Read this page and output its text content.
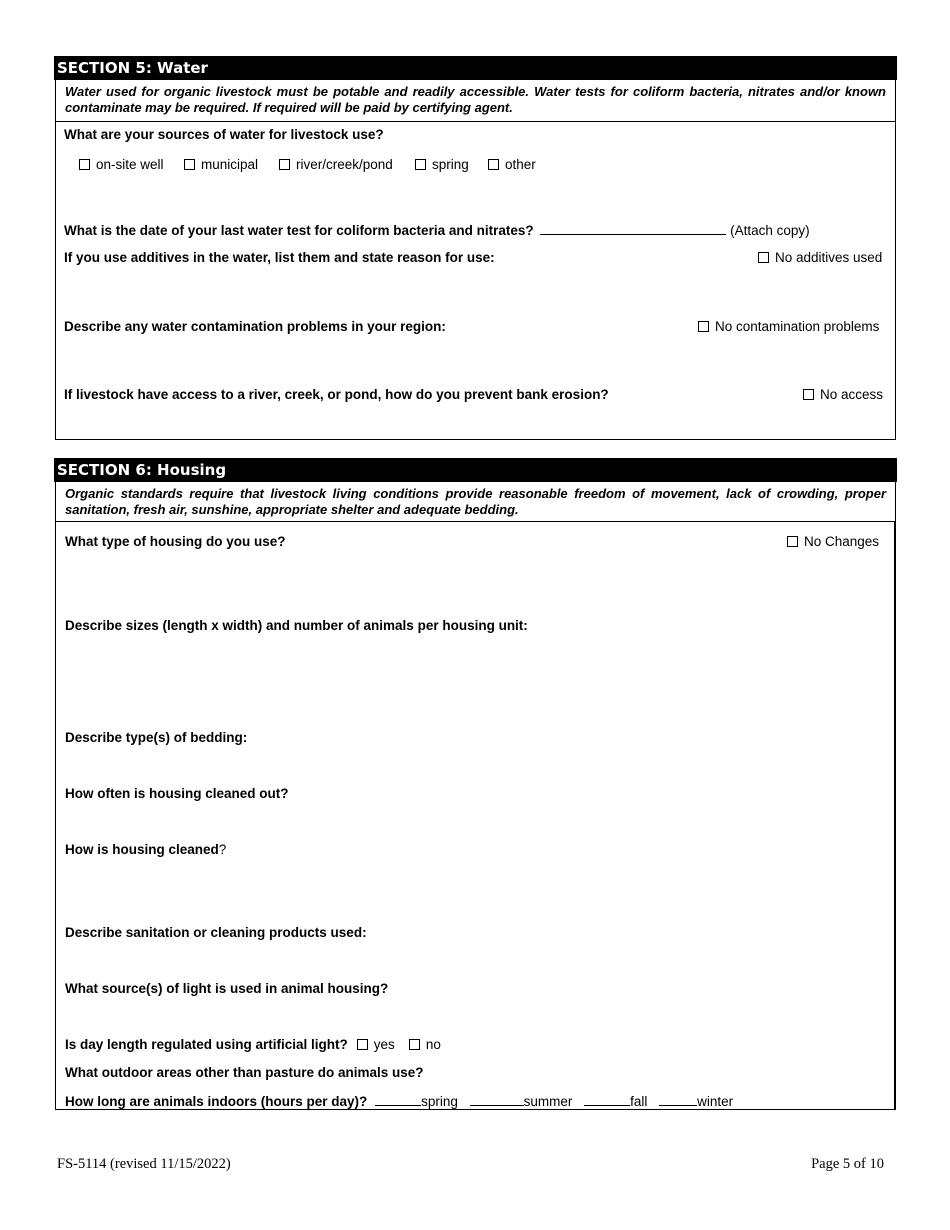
SECTION 5: Water
Water used for organic livestock must be potable and readily accessible. Water tests for coliform bacteria, nitrates and/or known contaminate may be required. If required will be paid by certifying agent.
What are your sources of water for livestock use?
on-site well	municipal	river/creek/pond	spring	other
What is the date of your last water test for coliform bacteria and nitrates?	(Attach copy)
If you use additives in the water, list them and state reason for use:	No additives used
Describe any water contamination problems in your region:	No contamination problems
If livestock have access to a river, creek, or pond, how do you prevent bank erosion?	No access
SECTION 6: Housing
Organic standards require that livestock living conditions provide reasonable freedom of movement, lack of crowding, proper sanitation, fresh air, sunshine, appropriate shelter and adequate bedding.
What type of housing do you use?	No Changes
Describe sizes (length x width) and number of animals per housing unit:
Describe type(s) of bedding:
How often is housing cleaned out?
How is housing cleaned?
Describe sanitation or cleaning products used:
What source(s) of light is used in animal housing?
Is day length regulated using artificial light? yes no
What outdoor areas other than pasture do animals use?
How long are animals indoors (hours per day)?	spring	summer	fall	winter
FS-5114 (revised 11/15/2022)	Page 5 of 10
